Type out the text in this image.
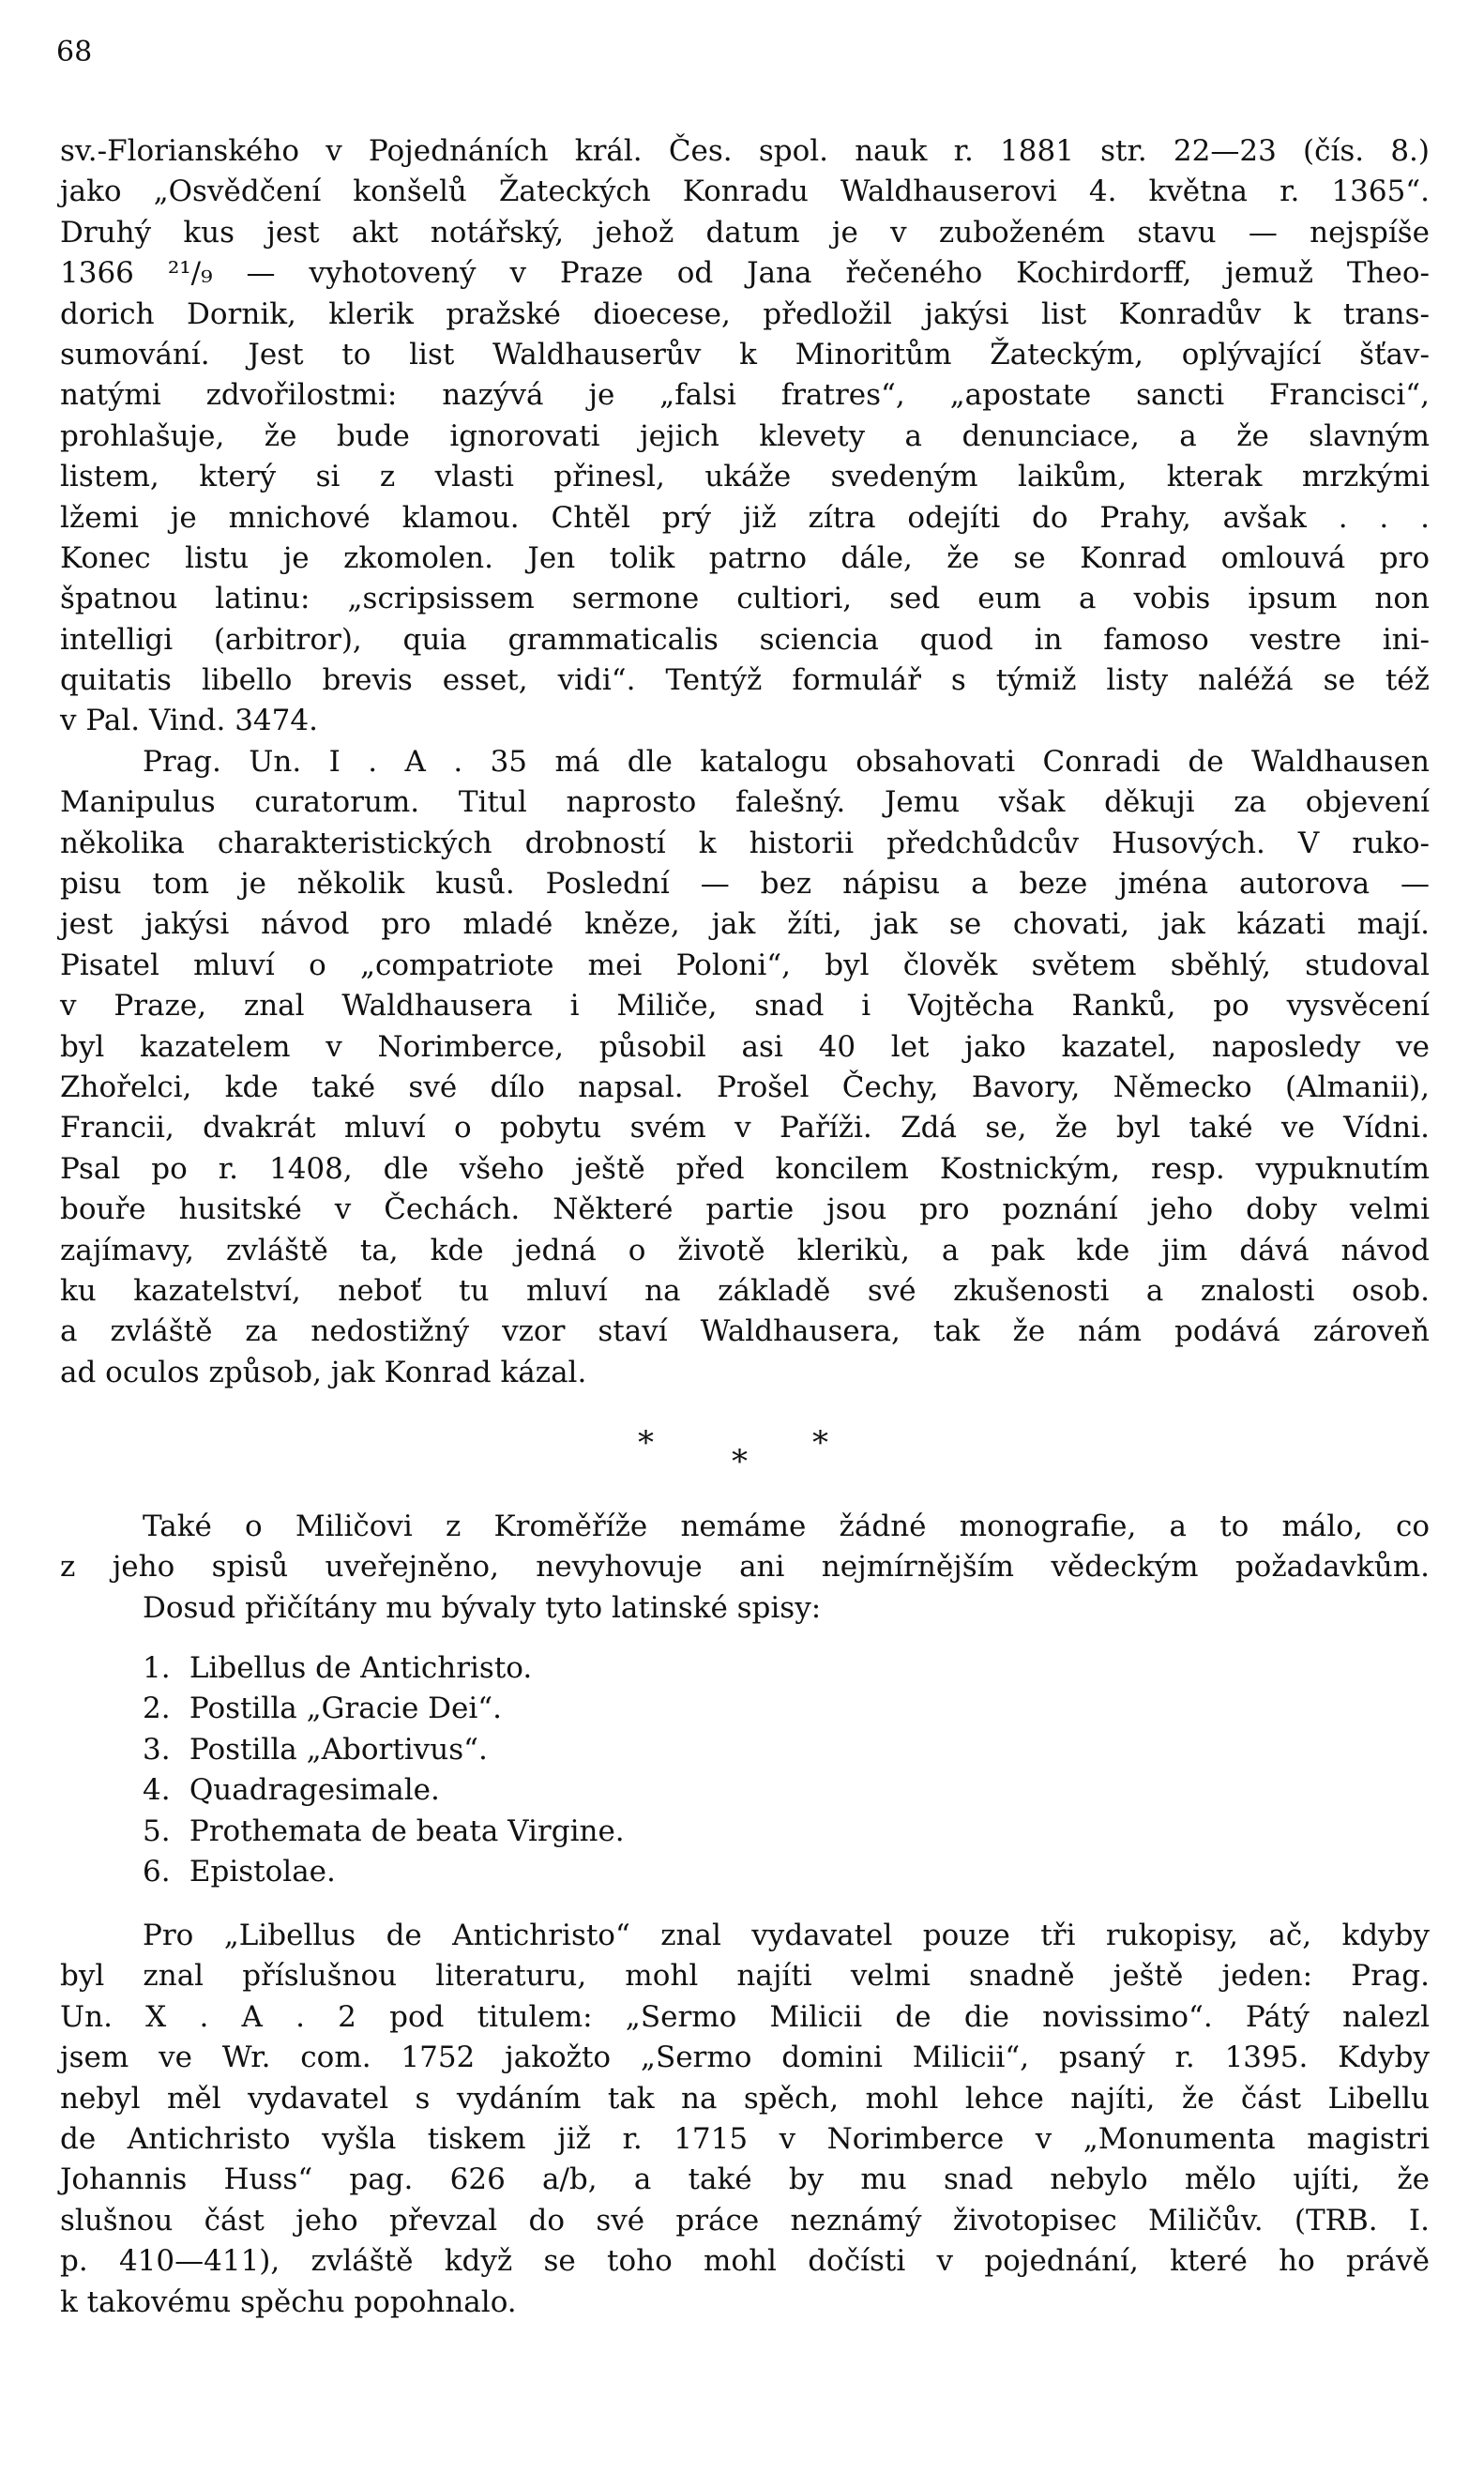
68
sv.-Florianského v Pojednáních král. Čes. spol. nauk r. 1881 str. 22—23 (čís. 8.)
jako „Osvědčení konšelů Žateckých Konradu Waldhauserovi 4. května r. 1365“.
Druhý kus jest akt notářský, jehož datum je v zuboženém stavu — nejspíše
1366 ²¹/₉ — vyhotovený v Praze od Jana řečeného Kochirdorff, jemuž Theo-
dorich Dornik, klerik pražské dioecese, předložil jakýsi list Konradův k trans-
sumování. Jest to list Waldhauserův k Minoritům Žateckým, oplývající šťav-
natými zdvořilostmi: nazývá je „falsi fratres“, „apostate sancti Francisci“,
prohlašuje, že bude ignorovati jejich klevety a denunciace, a že slavným
listem, který si z vlasti přinesl, ukáže svedeným laikům, kterak mrzkými
lžemi je mnichové klamou. Chtěl prý již zítra odejíti do Prahy, avšak . . .
Konec listu je zkomolen. Jen tolik patrno dále, že se Konrad omlouvá pro
špatnou latinu: „scripsissem sermone cultiori, sed eum a vobis ipsum non
intelligi (arbitror), quia grammaticalis sciencia quod in famoso vestre ini-
quitatis libello brevis esset, vidi“. Tentýž formulář s týmiž listy naléžá se též
v Pal. Vind. 3474.
Prag. Un. I . A . 35 má dle katalogu obsahovati Conradi de Waldhausen
Manipulus curatorum. Titul naprosto falešný. Jemu však děkuji za objevení
několika charakteristických drobností k historii předchůdcův Husových. V ruko-
pisu tom je několik kusů. Poslední — bez nápisu a beze jména autorova —
jest jakýsi návod pro mladé kněze, jak žíti, jak se chovati, jak kázati mají.
Pisatel mluví o „compatriote mei Poloni“, byl člověk světem sběhlý, studoval
v Praze, znal Waldhausera i Miliče, snad i Vojtěcha Ranků, po vysvěcení
byl kazatelem v Norimberce, působil asi 40 let jako kazatel, naposledy ve
Zhořelci, kde také své dílo napsal. Prošel Čechy, Bavory, Německo (Almanii),
Francii, dvakrát mluví o pobytu svém v Paříži. Zdá se, že byl také ve Vídni.
Psal po r. 1408, dle všeho ještě před koncilem Kostnickým, resp. vypuknutím
bouře husitské v Čechách. Některé partie jsou pro poznání jeho doby velmi
zajímavy, zvláště ta, kde jedná o životě klerikù, a pak kde jim dává návod
ku kazatelství, neboť tu mluví na základě své zkušenosti a znalosti osob.
a zvláště za nedostižný vzor staví Waldhausera, tak že nám podává zároveň
ad oculos způsob, jak Konrad kázal.
* * *
Také o Miličovi z Kroměříže nemáme žádné monografie, a to málo, co
z jeho spisů uveřejněno, nevyhovuje ani nejmírnějším vědeckým požadavkům.
Dosud přičítány mu bývaly tyto latinské spisy:
1. Libellus de Antichristo.
2. Postilla „Gracie Dei“.
3. Postilla „Abortivus“.
4. Quadragesimale.
5. Prothemata de beata Virgine.
6. Epistolae.
Pro „Libellus de Antichristo“ znal vydavatel pouze tři rukopisy, ač, kdyby
byl znal příslušnou literaturu, mohl najíti velmi snadně ještě jeden: Prag.
Un. X . A . 2 pod titulem: „Sermo Milicii de die novissimo“. Pátý nalezl
jsem ve Wr. com. 1752 jakožto „Sermo domini Milicii“, psaný r. 1395. Kdyby
nebyl měl vydavatel s vydáním tak na spěch, mohl lehce najíti, že část Libellu
de Antichristo vyšla tiskem již r. 1715 v Norimberce v „Monumenta magistri
Johannis Huss“ pag. 626 a/b, a také by mu snad nebylo mělo ujíti, že
slušnou část jeho převzal do své práce neznámý životopisec Miličův. (TRB. I.
p. 410—411), zvláště když se toho mohl dočísti v pojednání, které ho právě
k takovému spěchu popohnalo.
